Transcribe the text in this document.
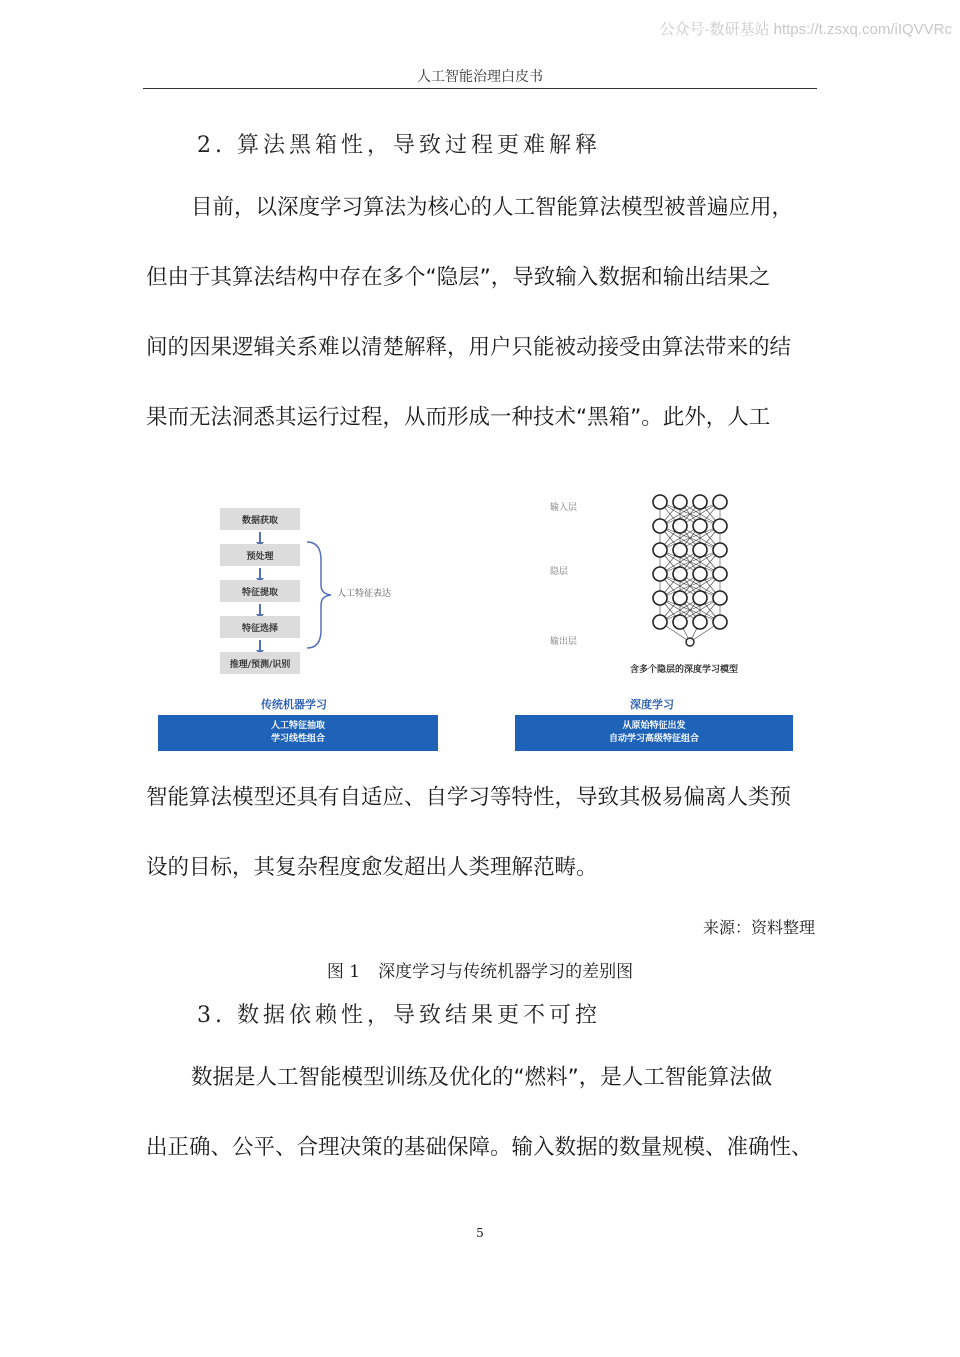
公众号·数研基站 https://t.zsxq.com/iIQVVRc
人工智能治理白皮书
2. 算法黑箱性，导致过程更难解释
目前，以深度学习算法为核心的人工智能算法模型被普遍应用，
但由于其算法结构中存在多个“隐层”，导致输入数据和输出结果之
间的因果逻辑关系难以清楚解释，用户只能被动接受由算法带来的结
果而无法洞悉其运行过程，从而形成一种技术“黑箱”。此外，人工
数据获取
预处理
特征提取
特征选择
推理/预测/识别
人工特征表达
传统机器学习
人工特征抽取
学习线性组合
输入层
隐层
输出层
含多个隐层的深度学习模型
深度学习
从原始特征出发
自动学习高级特征组合
智能算法模型还具有自适应、自学习等特性，导致其极易偏离人类预
设的目标，其复杂程度愈发超出人类理解范畴。
来源：资料整理
图 1 深度学习与传统机器学习的差别图
3. 数据依赖性，导致结果更不可控
数据是人工智能模型训练及优化的“燃料”，是人工智能算法做
出正确、公平、合理决策的基础保障。输入数据的数量规模、准确性、
5
